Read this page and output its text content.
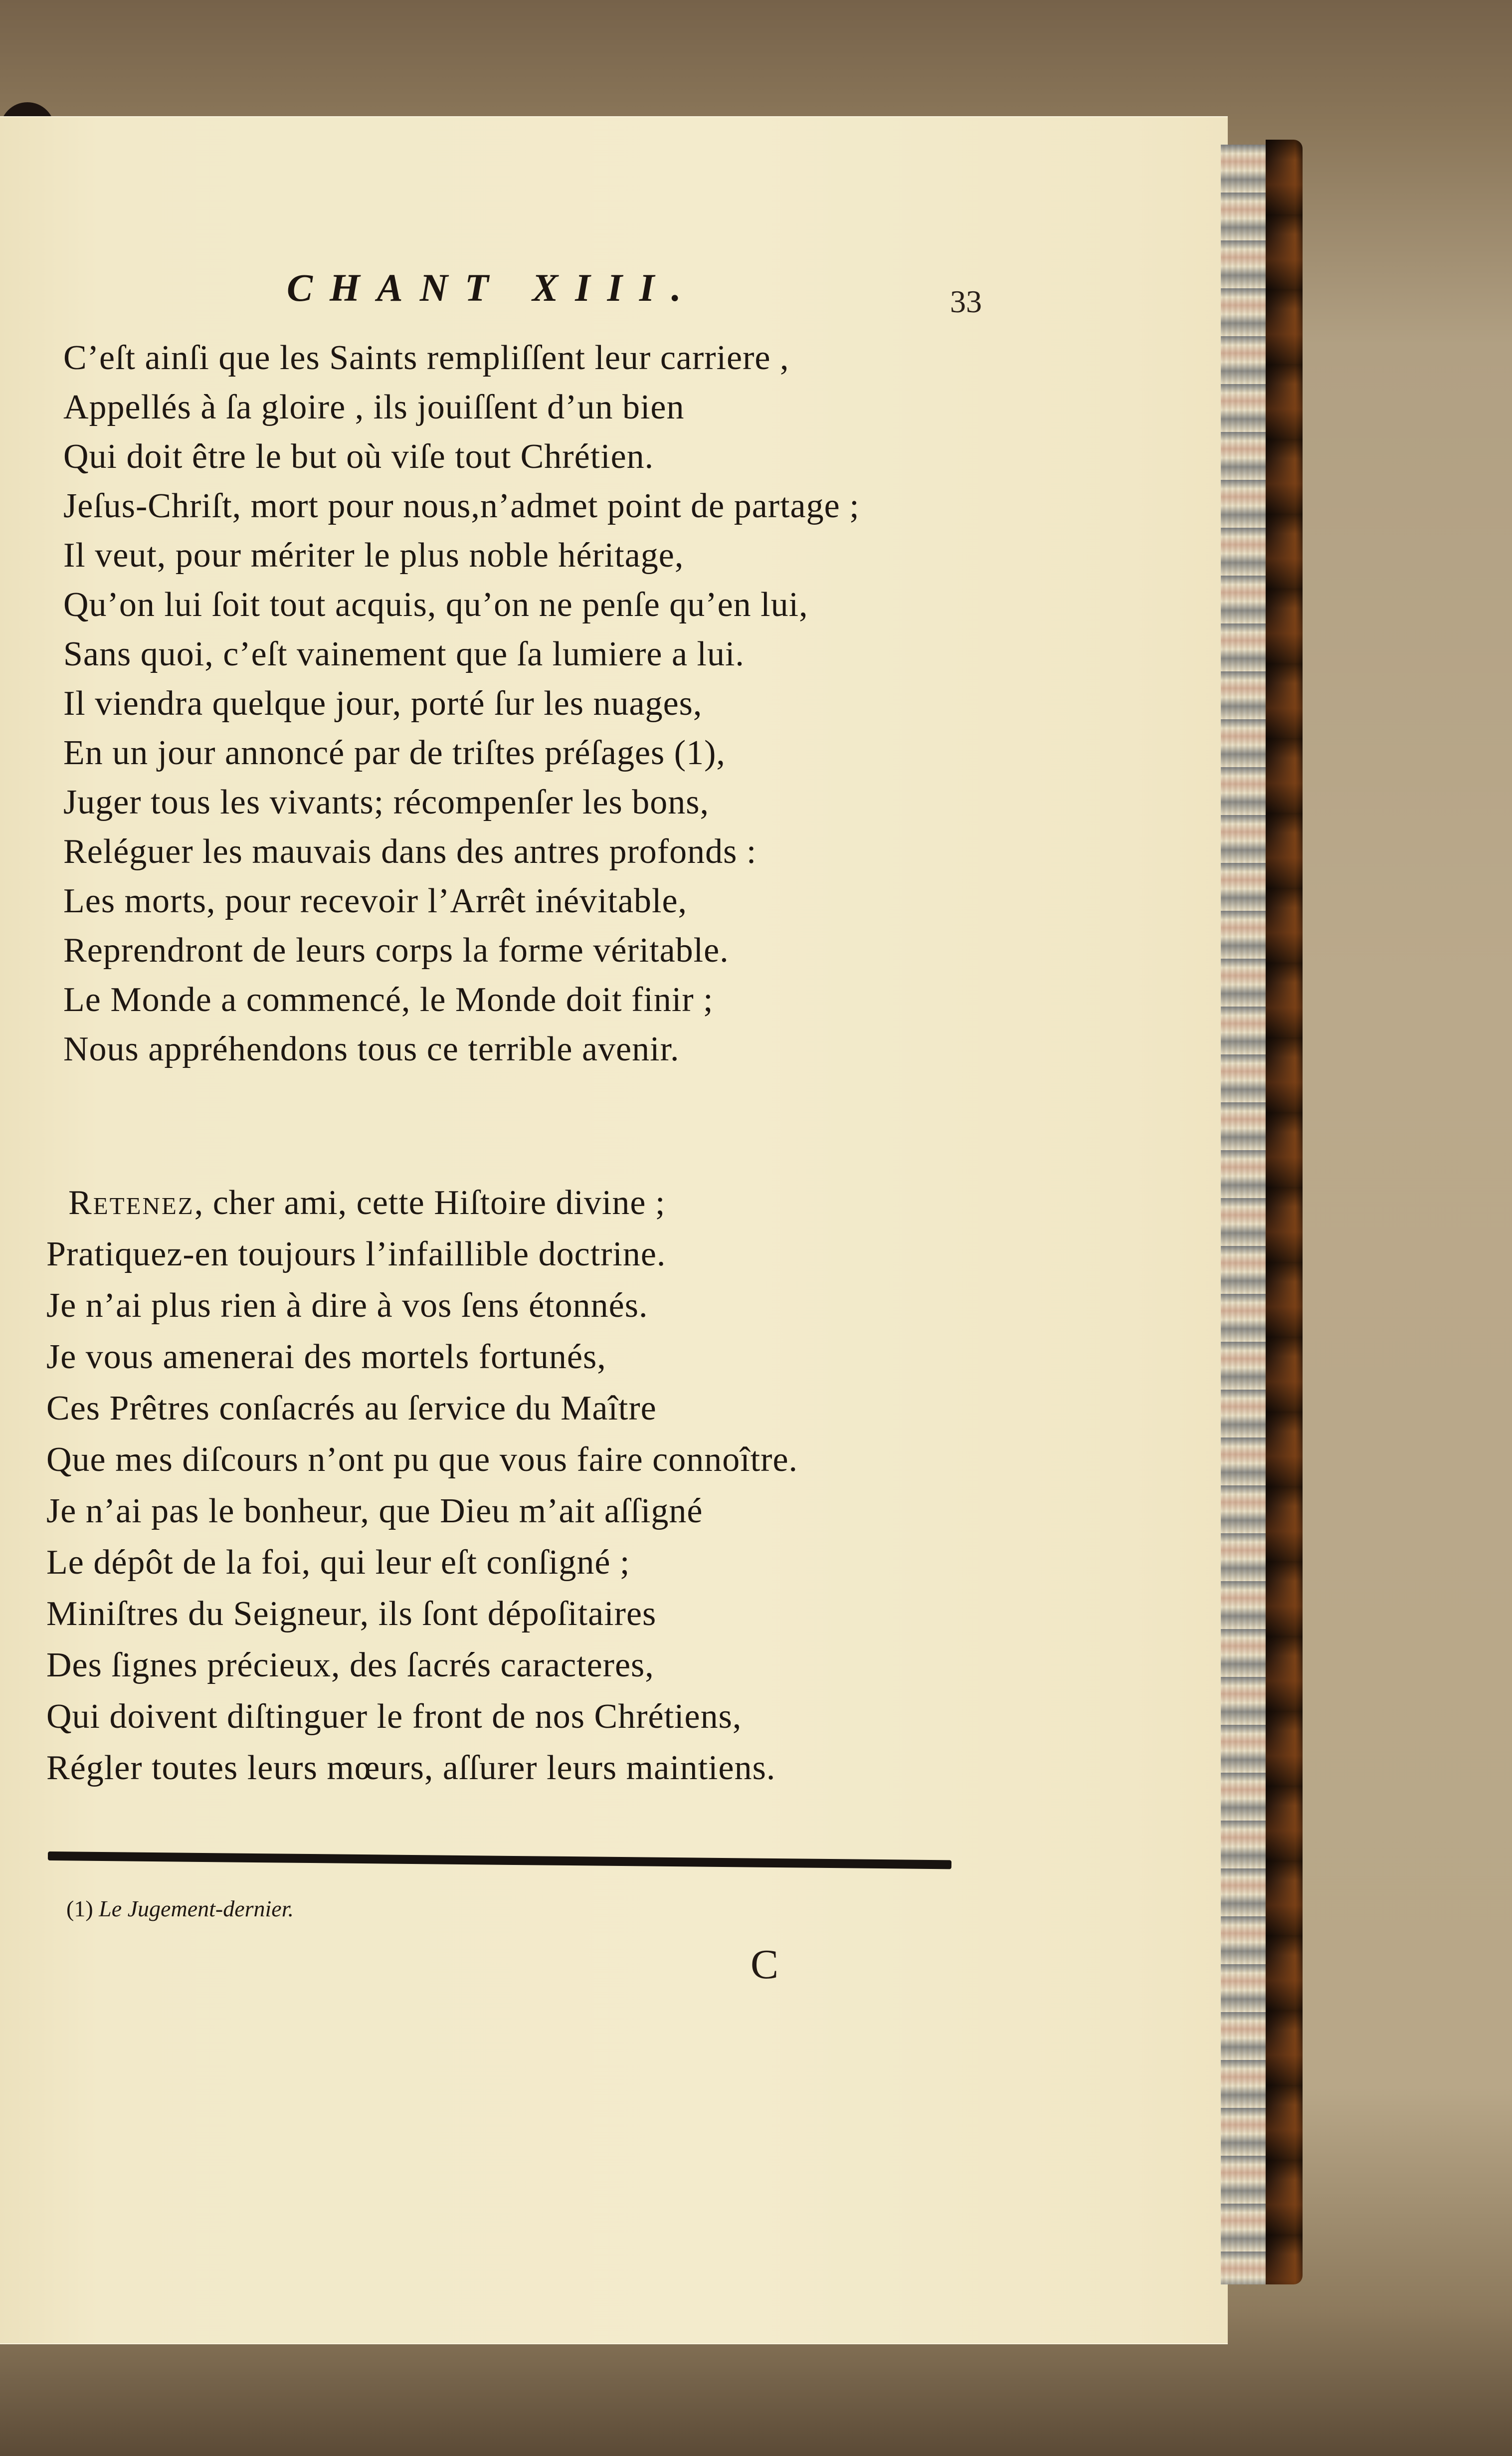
CHANT XIII.	33
C’eſt ainſi que les Saints rempliſſent leur carriere ,
Appellés à ſa gloire , ils jouiſſent d’un bien
Qui doit être le but où viſe tout Chrétien.
Jeſus-Chriſt, mort pour nous,n’admet point de partage ;
Il veut, pour mériter le plus noble héritage,
Qu’on lui ſoit tout acquis, qu’on ne penſe qu’en lui,
Sans quoi, c’eſt vainement que ſa lumiere a lui.
Il viendra quelque jour, porté ſur les nuages,
En un jour annoncé par de triſtes préſages (1),
Juger tous les vivants; récompenſer les bons,
Reléguer les mauvais dans des antres profonds :
Les morts, pour recevoir l’Arrêt inévitable,
Reprendront de leurs corps la forme véritable.
Le Monde a commencé, le Monde doit finir ;
Nous appréhendons tous ce terrible avenir.
Retenez, cher ami, cette Hiſtoire divine ;
Pratiquez-en toujours l’infaillible doctrine.
Je n’ai plus rien à dire à vos ſens étonnés.
Je vous amenerai des mortels fortunés,
Ces Prêtres conſacrés au ſervice du Maître
Que mes diſcours n’ont pu que vous faire connoître.
Je n’ai pas le bonheur, que Dieu m’ait aſſigné
Le dépôt de la foi, qui leur eſt conſigné ;
Miniſtres du Seigneur, ils ſont dépoſitaires
Des ſignes précieux, des ſacrés caracteres,
Qui doivent diſtinguer le front de nos Chrétiens,
Régler toutes leurs mœurs, aſſurer leurs maintiens.
(1) Le Jugement-dernier.
C
